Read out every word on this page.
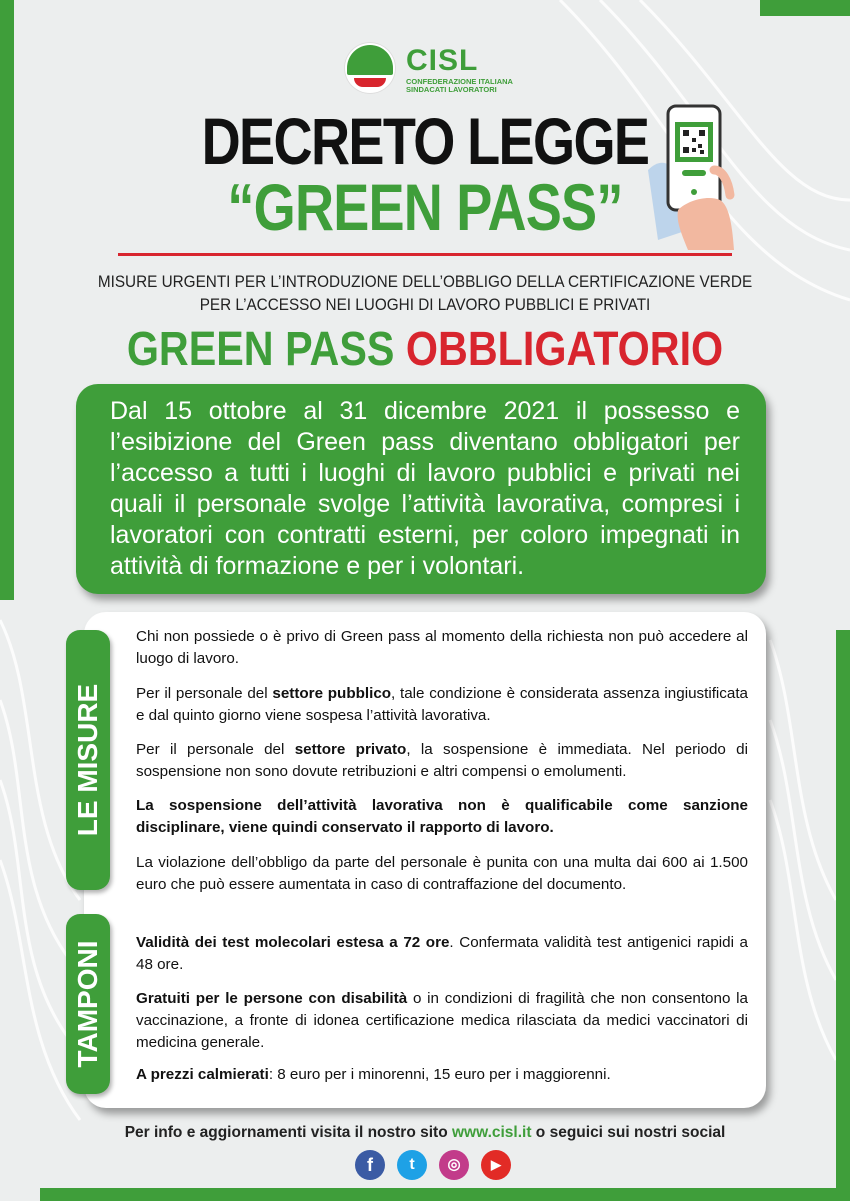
CISL
CONFEDERAZIONE ITALIANA
SINDACATI LAVORATORI
DECRETO LEGGE
“GREEN PASS”
MISURE URGENTI PER L’INTRODUZIONE DELL’OBBLIGO DELLA CERTIFICAZIONE VERDE
PER L’ACCESSO NEI LUOGHI DI LAVORO PUBBLICI E PRIVATI
GREEN PASS OBBLIGATORIO
Dal 15 ottobre al 31 dicembre 2021 il possesso e l’esibizione del Green pass diventano obbligatori per l’accesso a tutti i luoghi di lavoro pubblici e privati nei quali il personale svolge l’attività lavorativa, compresi i lavoratori con contratti esterni, per coloro impegnati in attività di formazione e per i volontari.
LE MISURE
TAMPONI
Chi non possiede o è privo di Green pass al momento della richiesta non può accedere al luogo di lavoro.
Per il personale del settore pubblico, tale condizione è considerata assenza ingiustificata e dal quinto giorno viene sospesa l’attività lavorativa.
Per il personale del settore privato, la sospensione è immediata. Nel periodo di sospensione non sono dovute retribuzioni e altri compensi o emolumenti.
La sospensione dell’attività lavorativa non è qualificabile come sanzione disciplinare, viene quindi conservato il rapporto di lavoro.
La violazione dell’obbligo da parte del personale è punita con una multa dai 600 ai 1.500 euro che può essere aumentata in caso di contraffazione del documento.
Validità dei test molecolari estesa a 72 ore. Confermata validità test antigenici rapidi a 48 ore.
Gratuiti per le persone con disabilità o in condizioni di fragilità che non consentono la vaccinazione, a fronte di idonea certificazione medica rilasciata da medici vaccinatori di medicina generale.
A prezzi calmierati: 8 euro per i minorenni, 15 euro per i maggiorenni.
Per info e aggiornamenti visita il nostro sito www.cisl.it o seguici sui nostri social
f	t	◎	▶
